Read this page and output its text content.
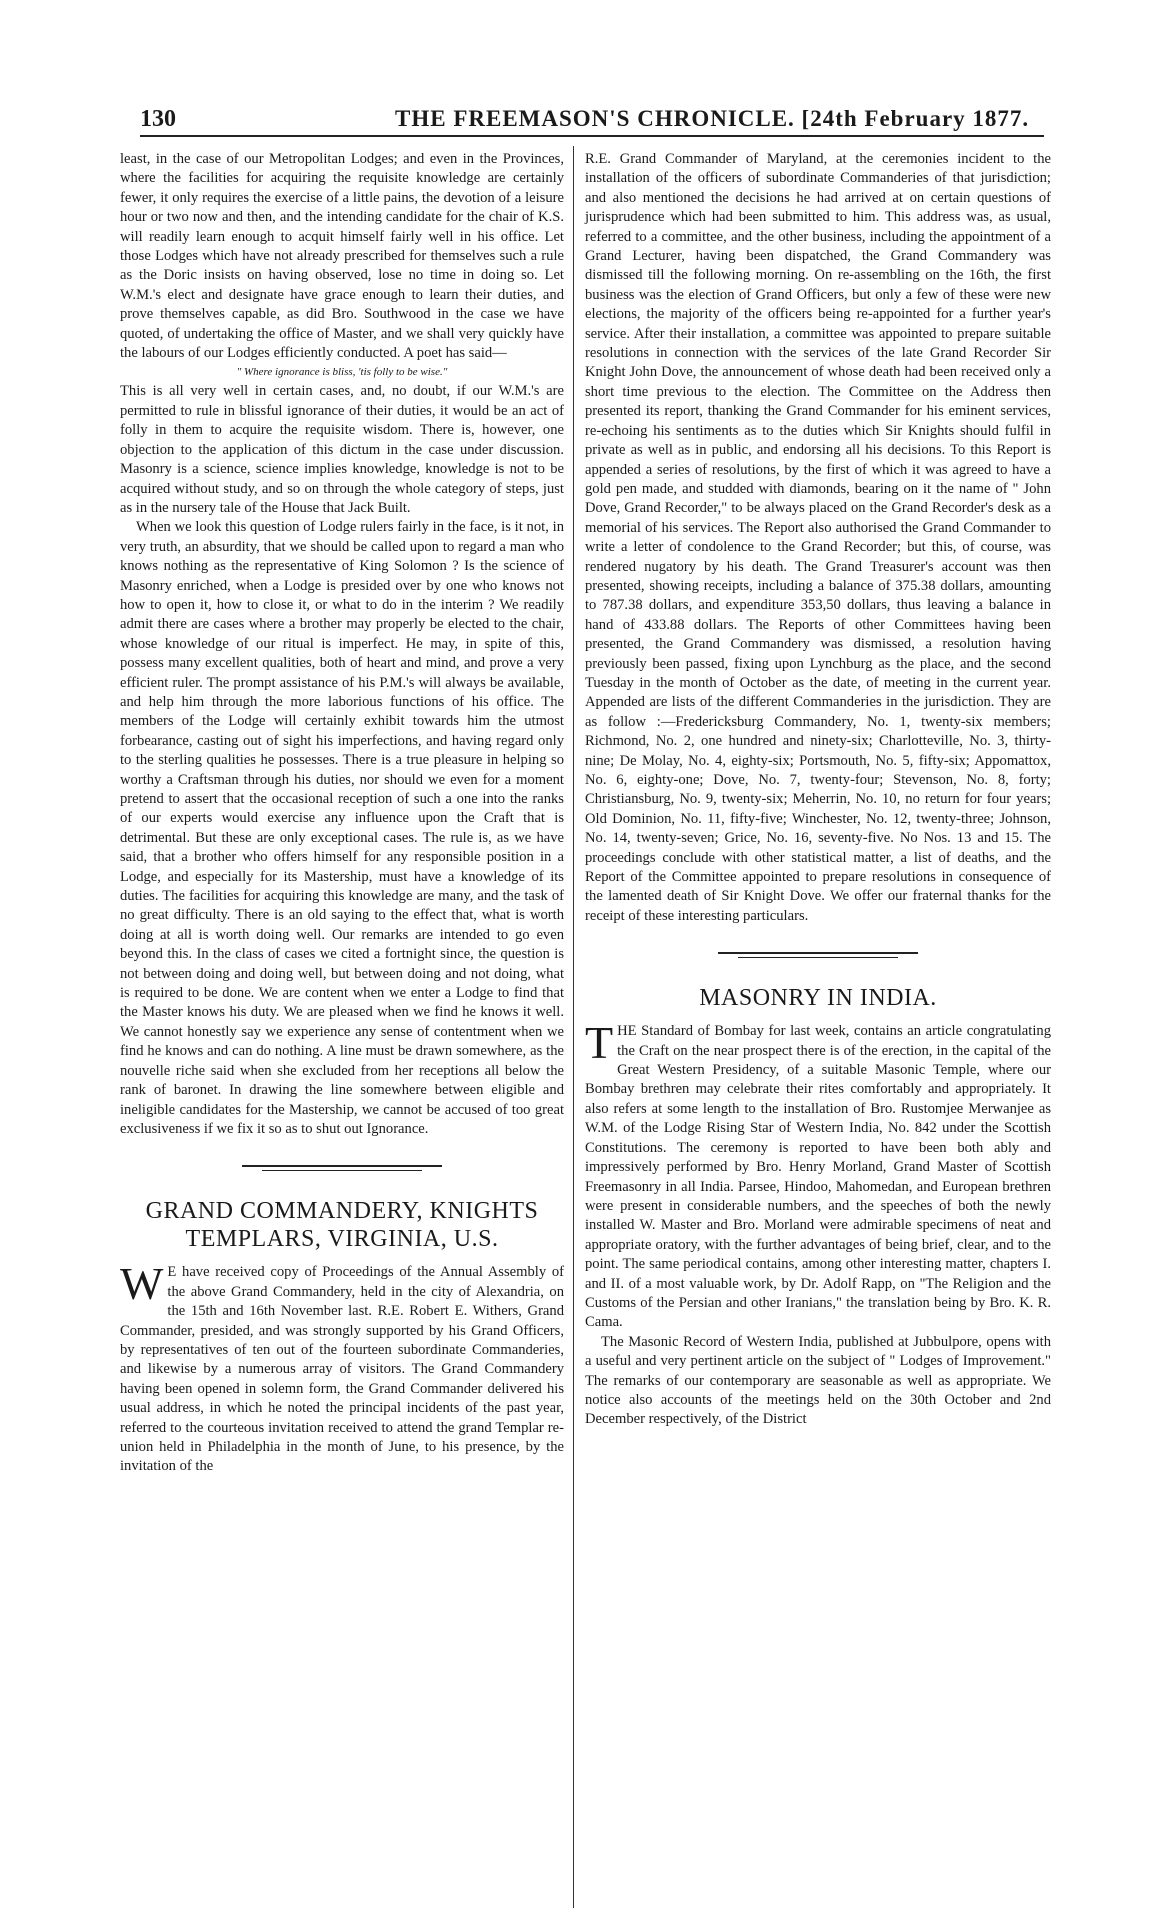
130	THE FREEMASON'S CHRONICLE. [24th February 1877.

least, in the case of our Metropolitan Lodges; and even in the Provinces, where the facilities for acquiring the requisite knowledge are certainly fewer, it only requires the exercise of a little pains, the devotion of a leisure hour or two now and then, and the intending candidate for the chair of K.S. will readily learn enough to acquit himself fairly well in his office. Let those Lodges which have not already prescribed for themselves such a rule as the Doric insists on having observed, lose no time in doing so. Let W.M.'s elect and designate have grace enough to learn their duties, and prove themselves capable, as did Bro. Southwood in the case we have quoted, of undertaking the office of Master, and we shall very quickly have the labours of our Lodges efficiently conducted. A poet has said—

" Where ignorance is bliss, 'tis folly to be wise."

This is all very well in certain cases, and, no doubt, if our W.M.'s are permitted to rule in blissful ignorance of their duties, it would be an act of folly in them to acquire the requisite wisdom. There is, however, one objection to the application of this dictum in the case under discussion. Masonry is a science, science implies knowledge, knowledge is not to be acquired without study, and so on through the whole category of steps, just as in the nursery tale of the House that Jack Built.

When we look this question of Lodge rulers fairly in the face, is it not, in very truth, an absurdity, that we should be called upon to regard a man who knows nothing as the representative of King Solomon ? Is the science of Masonry enriched, when a Lodge is presided over by one who knows not how to open it, how to close it, or what to do in the interim ? We readily admit there are cases where a brother may properly be elected to the chair, whose knowledge of our ritual is imperfect. He may, in spite of this, possess many excellent qualities, both of heart and mind, and prove a very efficient ruler. The prompt assistance of his P.M.'s will always be available, and help him through the more laborious functions of his office. The members of the Lodge will certainly exhibit towards him the utmost forbearance, casting out of sight his imperfections, and having regard only to the sterling qualities he possesses. There is a true pleasure in helping so worthy a Craftsman through his duties, nor should we even for a moment pretend to assert that the occasional reception of such a one into the ranks of our experts would exercise any influence upon the Craft that is detrimental. But these are only exceptional cases. The rule is, as we have said, that a brother who offers himself for any responsible position in a Lodge, and especially for its Mastership, must have a knowledge of its duties. The facilities for acquiring this knowledge are many, and the task of no great difficulty. There is an old saying to the effect that, what is worth doing at all is worth doing well. Our remarks are intended to go even beyond this. In the class of cases we cited a fortnight since, the question is not between doing and doing well, but between doing and not doing, what is required to be done. We are content when we enter a Lodge to find that the Master knows his duty. We are pleased when we find he knows it well. We cannot honestly say we experience any sense of contentment when we find he knows and can do nothing. A line must be drawn somewhere, as the nouvelle riche said when she excluded from her receptions all below the rank of baronet. In drawing the line somewhere between eligible and ineligible candidates for the Mastership, we cannot be accused of too great exclusiveness if we fix it so as to shut out Ignorance.

GRAND COMMANDERY, KNIGHTS TEMPLARS, VIRGINIA, U.S.

W E have received copy of Proceedings of the Annual Assembly of the above Grand Commandery, held in the city of Alexandria, on the 15th and 16th November last. R.E. Robert E. Withers, Grand Commander, presided, and was strongly supported by his Grand Officers, by representatives of ten out of the fourteen subordinate Commanderies, and likewise by a numerous array of visitors. The Grand Commandery having been opened in solemn form, the Grand Commander delivered his usual address, in which he noted the principal incidents of the past year, referred to the courteous invitation received to attend the grand Templar re-union held in Philadelphia in the month of June, to his presence, by the invitation of the

R.E. Grand Commander of Maryland, at the ceremonies incident to the installation of the officers of subordinate Commanderies of that jurisdiction; and also mentioned the decisions he had arrived at on certain questions of jurisprudence which had been submitted to him. This address was, as usual, referred to a committee, and the other business, including the appointment of a Grand Lecturer, having been dispatched, the Grand Commandery was dismissed till the following morning. On re-assembling on the 16th, the first business was the election of Grand Officers, but only a few of these were new elections, the majority of the officers being re-appointed for a further year's service. After their installation, a committee was appointed to prepare suitable resolutions in connection with the services of the late Grand Recorder Sir Knight John Dove, the announcement of whose death had been received only a short time previous to the election. The Committee on the Address then presented its report, thanking the Grand Commander for his eminent services, re-echoing his sentiments as to the duties which Sir Knights should fulfil in private as well as in public, and endorsing all his decisions. To this Report is appended a series of resolutions, by the first of which it was agreed to have a gold pen made, and studded with diamonds, bearing on it the name of " John Dove, Grand Recorder," to be always placed on the Grand Recorder's desk as a memorial of his services. The Report also authorised the Grand Commander to write a letter of condolence to the Grand Recorder; but this, of course, was rendered nugatory by his death. The Grand Treasurer's account was then presented, showing receipts, including a balance of 375.38 dollars, amounting to 787.38 dollars, and expenditure 353,50 dollars, thus leaving a balance in hand of 433.88 dollars. The Reports of other Committees having been presented, the Grand Commandery was dismissed, a resolution having previously been passed, fixing upon Lynchburg as the place, and the second Tuesday in the month of October as the date, of meeting in the current year. Appended are lists of the different Commanderies in the jurisdiction. They are as follow :—Fredericksburg Commandery, No. 1, twenty-six members; Richmond, No. 2, one hundred and ninety-six; Charlotteville, No. 3, thirty-nine; De Molay, No. 4, eighty-six; Portsmouth, No. 5, fifty-six; Appomattox, No. 6, eighty-one; Dove, No. 7, twenty-four; Stevenson, No. 8, forty; Christiansburg, No. 9, twenty-six; Meherrin, No. 10, no return for four years; Old Dominion, No. 11, fifty-five; Winchester, No. 12, twenty-three; Johnson, No. 14, twenty-seven; Grice, No. 16, seventy-five. No Nos. 13 and 15. The proceedings conclude with other statistical matter, a list of deaths, and the Report of the Committee appointed to prepare resolutions in consequence of the lamented death of Sir Knight Dove. We offer our fraternal thanks for the receipt of these interesting particulars.

MASONRY IN INDIA.

THE Standard of Bombay for last week, contains an article congratulating the Craft on the near prospect there is of the erection, in the capital of the Great Western Presidency, of a suitable Masonic Temple, where our Bombay brethren may celebrate their rites comfortably and appropriately. It also refers at some length to the installation of Bro. Rustomjee Merwanjee as W.M. of the Lodge Rising Star of Western India, No. 842 under the Scottish Constitutions. The ceremony is reported to have been both ably and impressively performed by Bro. Henry Morland, Grand Master of Scottish Freemasonry in all India. Parsee, Hindoo, Mahomedan, and European brethren were present in considerable numbers, and the speeches of both the newly installed W. Master and Bro. Morland were admirable specimens of neat and appropriate oratory, with the further advantages of being brief, clear, and to the point. The same periodical contains, among other interesting matter, chapters I. and II. of a most valuable work, by Dr. Adolf Rapp, on "The Religion and the Customs of the Persian and other Iranians," the translation being by Bro. K. R. Cama.

The Masonic Record of Western India, published at Jubbulpore, opens with a useful and very pertinent article on the subject of " Lodges of Improvement." The remarks of our contemporary are seasonable as well as appropriate. We notice also accounts of the meetings held on the 30th October and 2nd December respectively, of the District
